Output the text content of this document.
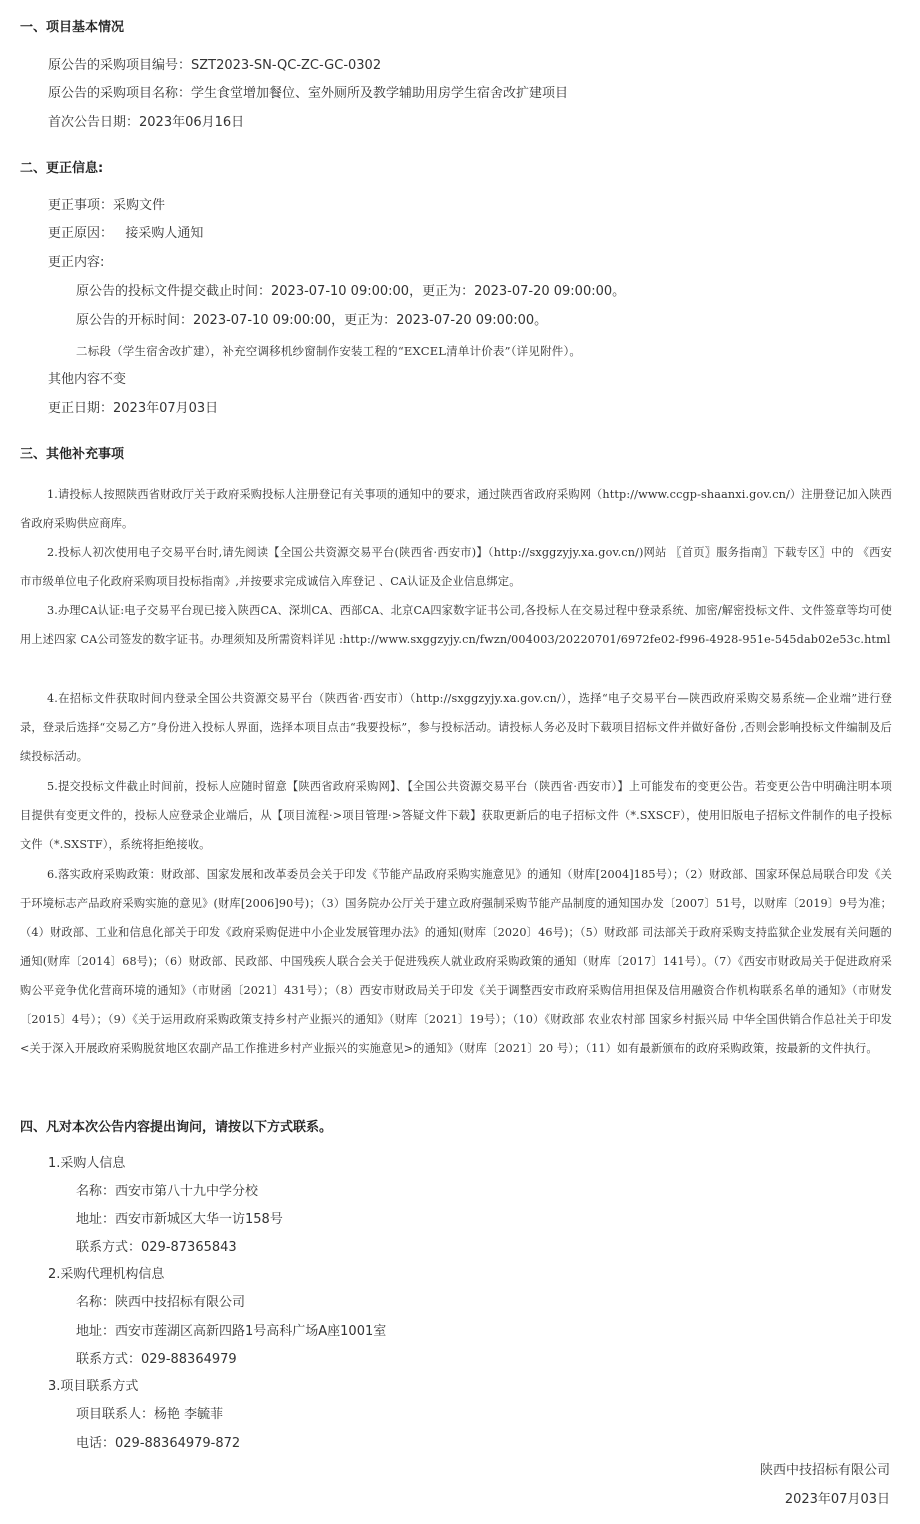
一、项目基本情况
原公告的采购项目编号：SZT2023-SN-QC-ZC-GC-0302
原公告的采购项目名称：学生食堂增加餐位、室外厕所及教学辅助用房学生宿舍改扩建项目
首次公告日期：2023年06月16日
二、更正信息:
更正事项：采购文件
更正原因：   接采购人通知
更正内容:
原公告的投标文件提交截止时间：2023-07-10 09:00:00，更正为：2023-07-20 09:00:00。
原公告的开标时间：2023-07-10 09:00:00，更正为：2023-07-20 09:00:00。
二标段（学生宿舍改扩建），补充空调移机纱窗制作安装工程的“EXCEL清单计价表”（详见附件）。
其他内容不变
更正日期：2023年07月03日
三、其他补充事项
1.请投标人按照陕西省财政厅关于政府采购投标人注册登记有关事项的通知中的要求，通过陕西省政府采购网（http://www.ccgp-shaanxi.gov.cn/）注册登记加入陕西省政府采购供应商库。
2.投标人初次使用电子交易平台时,请先阅读【全国公共资源交易平台(陕西省·西安市)】（http://sxggzyjy.xa.gov.cn/)网站 〖首页〗服务指南〗下载专区〗中的 《西安市市级单位电子化政府采购项目投标指南》,并按要求完成诚信入库登记 、CA认证及企业信息绑定。
3.办理CA认证:电子交易平台现已接入陕西CA、深圳CA、西部CA、北京CA四家数字证书公司,各投标人在交易过程中登录系统、加密/解密投标文件、文件签章等均可使用上述四家 CA公司签发的数字证书。办理须知及所需资料详见 :http://www.sxggzyjy.cn/fwzn/004003/20220701/6972fe02-f996-4928-951e-545dab02e53c.html
4.在招标文件获取时间内登录全国公共资源交易平台（陕西省·西安市）（http://sxggzyjy.xa.gov.cn/），选择“电子交易平台—陕西政府采购交易系统—企业端”进行登录，登录后选择“交易乙方”身份进入投标人界面，选择本项目点击“我要投标”，参与投标活动。请投标人务必及时下载项目招标文件并做好备份 ,否则会影响投标文件编制及后续投标活动。
5.提交投标文件截止时间前，投标人应随时留意【陕西省政府采购网】、【全国公共资源交易平台（陕西省·西安市）】上可能发布的变更公告。若变更公告中明确注明本项目提供有变更文件的，投标人应登录企业端后，从【项目流程·>项目管理·>答疑文件下载】获取更新后的电子招标文件（*.SXSCF），使用旧版电子招标文件制作的电子投标文件（*.SXSTF），系统将拒绝接收。
6.落实政府采购政策：财政部、国家发展和改革委员会关于印发《节能产品政府采购实施意见》的通知（财库[2004]185号）；（2）财政部、国家环保总局联合印发《关于环境标志产品政府采购实施的意见》(财库[2006]90号)；（3）国务院办公厅关于建立政府强制采购节能产品制度的通知国办发〔2007〕51号，以财库〔2019〕9号为准；（4）财政部、工业和信息化部关于印发《政府采购促进中小企业发展管理办法》的通知(财库〔2020〕46号)；（5）财政部 司法部关于政府采购支持监狱企业发展有关问题的通知(财库〔2014〕68号)；（6）财政部、民政部、中国残疾人联合会关于促进残疾人就业政府采购政策的通知（财库〔2017〕141号）。（7）《西安市财政局关于促进政府采购公平竞争优化营商环境的通知》（市财函〔2021〕431号）；（8）西安市财政局关于印发《关于调整西安市政府采购信用担保及信用融资合作机构联系名单的通知》（市财发〔2015〕4号）；（9）《关于运用政府采购政策支持乡村产业振兴的通知》（财库〔2021〕19号）；（10）《财政部 农业农村部 国家乡村振兴局 中华全国供销合作总社关于印发<关于深入开展政府采购脱贫地区农副产品工作推进乡村产业振兴的实施意见>的通知》（财库〔2021〕20 号）；（11）如有最新颁布的政府采购政策，按最新的文件执行。
四、凡对本次公告内容提出询问，请按以下方式联系。
1.采购人信息
名称：西安市第八十九中学分校
地址：西安市新城区大华一访158号
联系方式：029-87365843
2.采购代理机构信息
名称：陕西中技招标有限公司
地址：西安市莲湖区高新四路1号高科广场A座1001室
联系方式：029-88364979
3.项目联系方式
项目联系人：杨艳 李毓菲
电话：029-88364979-872
陕西中技招标有限公司
2023年07月03日
